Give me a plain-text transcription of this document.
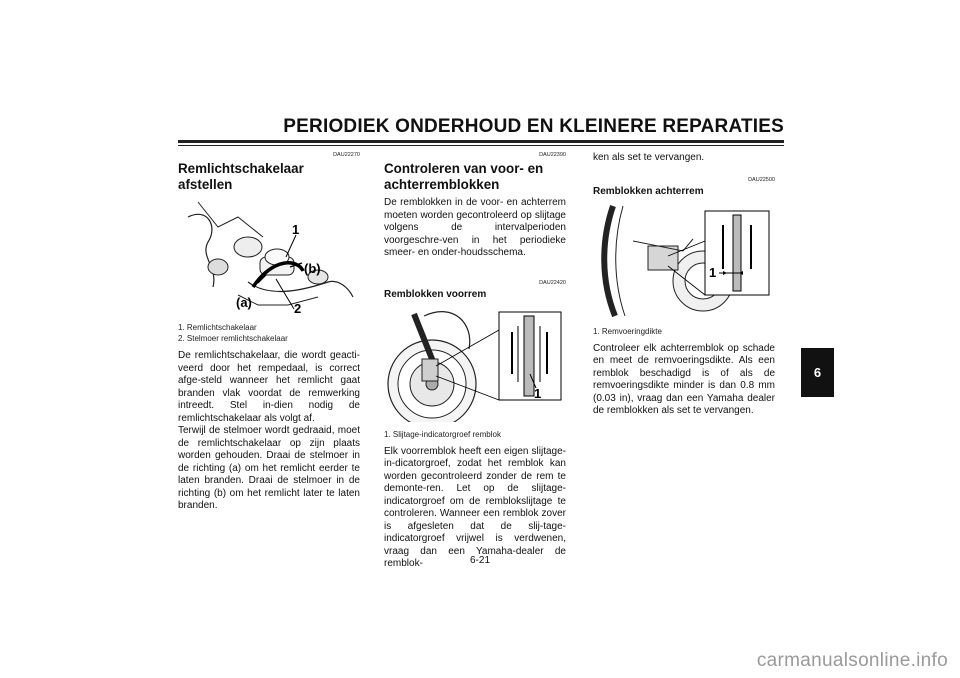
PERIODIEK ONDERHOUD EN KLEINERE REPARATIES
DAU22270
Remlichtschakelaar afstellen
1
(b)
(a)	2
1. Remlichtschakelaar
2. Stelmoer remlichtschakelaar

De remlichtschakelaar, die wordt geacti-veerd door het rempedaal, is correct afge-steld wanneer het remlicht gaat branden vlak voordat de remwerking intreedt. Stel in-dien nodig de remlichtschakelaar als volgt af.

Terwijl de stelmoer wordt gedraaid, moet de remlichtschakelaar op zijn plaats worden gehouden. Draai de stelmoer in de richting (a) om het remlicht eerder te laten branden. Draai de stelmoer in de richting (b) om het remlicht later te laten branden.

DAU22390
Controleren van voor- en achterremblokken

De remblokken in de voor- en achterrem moeten worden gecontroleerd op slijtage volgens de intervalperioden voorgeschre-ven in het periodieke smeer- en onder-houdsschema.

DAU22420
Remblokken voorrem
1
1. Slijtage-indicatorgroef remblok

Elk voorremblok heeft een eigen slijtage-in-dicatorgroef, zodat het remblok kan worden gecontroleerd zonder de rem te demonte-ren. Let op de slijtage-indicatorgroef om de remblokslijtage te controleren. Wanneer een remblok zover is afgesleten dat de slij-tage-indicatorgroef vrijwel is verdwenen, vraag dan een Yamaha-dealer de remblok-

ken als set te vervangen.

DAU22500
Remblokken achterrem
1
1. Remvoeringdikte

Controleer elk achterremblok op schade en meet de remvoeringsdikte. Als een remblok beschadigd is of als de remvoeringsdikte minder is dan 0.8 mm (0.03 in), vraag dan een Yamaha dealer de remblokken als set te vervangen.

6
6-21
carmanualsonline.info
